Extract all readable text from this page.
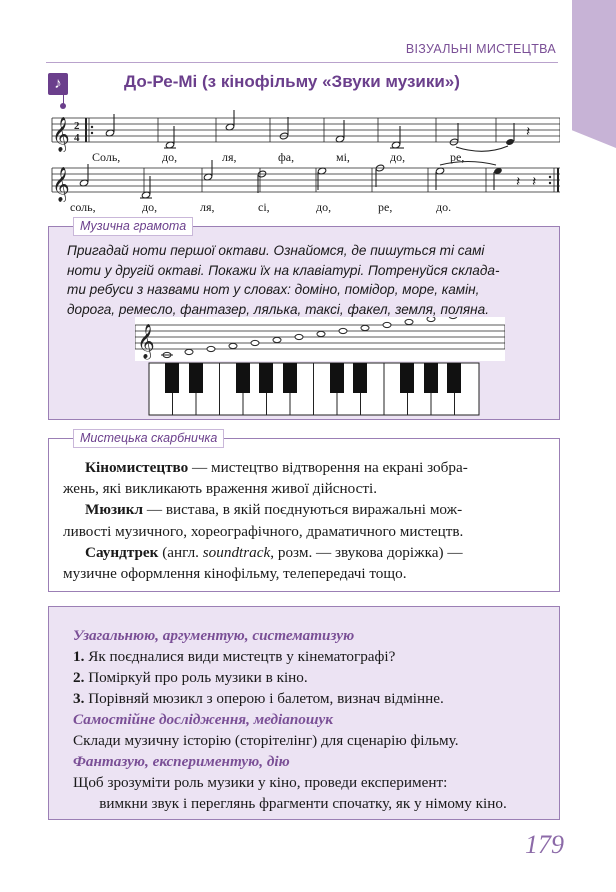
ВІЗУАЛЬНІ МИСТЕЦТВА
♪	До-Ре-Мі (з кінофільму «Звуки музики»)
𝄞 2
4	𝄽
Соль,	до,	ля,	фа,	мі,	до,	ре,
𝄞	𝄽 𝄽
соль,	до,	ля,	сі,	до,	ре,	до.
Музична грамота
Пригадай ноти першої октави. Ознайомся, де пишуться ті самі
ноти у другій октаві. Покажи їх на клавіатурі. Потренуйся склада-
ти ребуси з назвами нот у словах: доміно, помідор, море, камін,
дорога, ремесло, фантазер, лялька, таксі, факел, земля, поляна.
𝄞
Мистецька скарбничка

Кіномистецтво — мистецтво відтворення на екрані зобра-

жень, які викликають враження живої дійсності.

Мюзикл — вистава, в якій поєднуються виражальні мож-

ливості музичного, хореографічного, драматичного мистецтв.

Саундтрек (англ. soundtrack, розм. — звукова доріжка) —

музичне оформлення кінофільму, телепередачі тощо.

Узагальнюю, аргументую, систематизую
1. Як поєдналися види мистецтв у кінематографі?
2. Поміркуй про роль музики в кіно.
3. Порівняй мюзикл з оперою і балетом, визнач відмінне.
Самостійне дослідження, медіапошук
Склади музичну історію (сторітелінг) для сценарію фільму.
Фантазую, експериментую, дію
Щоб зрозуміти роль музики у кіно, проведи експеримент:
вимкни звук і переглянь фрагменти спочатку, як у німому кіно.
179
